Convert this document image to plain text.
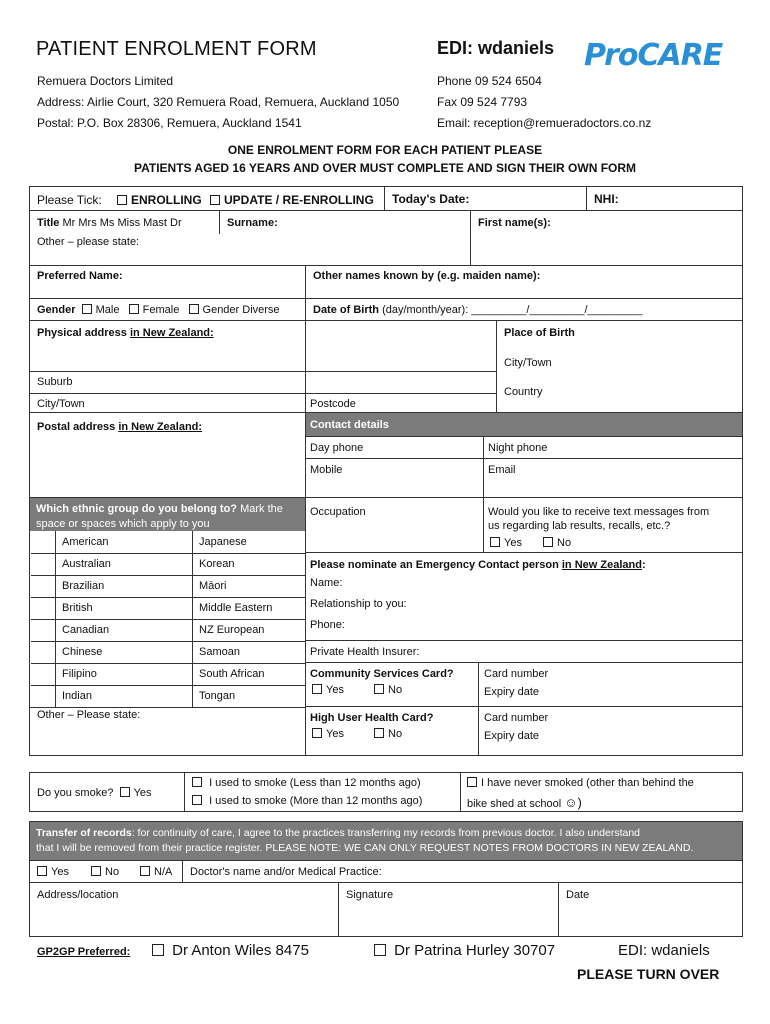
PATIENT ENROLMENT FORM	EDI: wdaniels ProCARE
Remuera Doctors Limited
Address: Airlie Court, 320 Remuera Road, Remuera, Auckland 1050
Postal: P.O. Box 28306, Remuera, Auckland 1541
Phone 09 524 6504
Fax 09 524 7793
Email: reception@remueradoctors.co.nz
ONE ENROLMENT FORM FOR EACH PATIENT PLEASE
PATIENTS AGED 16 YEARS AND OVER MUST COMPLETE AND SIGN THEIR OWN FORM
Please Tick:	ENROLLING	UPDATE / RE-ENROLLING Today's Date:	NHI:
Title Mr Mrs Ms Miss Mast Dr
Other – please state:
Surname:	First name(s):
Preferred Name:	Other names known by (e.g. maiden name):
Gender Male Female Gender Diverse	Date of Birth (day/month/year): _________/_________/_________
Physical address in New Zealand:	Place of Birth
City/Town
Country
Suburb
City/Town	Postcode
Postal address in New Zealand:	Contact details
Day phone	Night phone
Mobile	Email
Which ethnic group do you belong to? Mark the
space or spaces which apply to you
Occupation	Would you like to receive text messages from
us regarding lab results, recalls, etc.?
Yes	No
American	Japanese
Australian	Korean
Brazilian	Māori
British	Middle Eastern
Canadian	NZ European
Chinese	Samoan
Filipino	South African
Indian	Tongan
Other – Please state:
Please nominate an Emergency Contact person in New Zealand:
Name:
Relationship to you:
Phone:
Private Health Insurer:
Community Services Card?
Yes	No
Card number
Expiry date
High User Health Card?
Yes	No
Card number
Expiry date
Do you smoke? Yes
I used to smoke (Less than 12 months ago)
I used to smoke (More than 12 months ago)
I have never smoked (other than behind the
bike shed at school ☺)
Transfer of records: for continuity of care, I agree to the practices transferring my records from previous doctor. I also understand
that I will be removed from their practice register. PLEASE NOTE: WE CAN ONLY REQUEST NOTES FROM DOCTORS IN NEW ZEALAND.
Yes	No	N/A Doctor's name and/or Medical Practice:
Address/location	Signature	Date
GP2GP Preferred:	Dr Anton Wiles 8475	Dr Patrina Hurley 30707	EDI: wdaniels
PLEASE TURN OVER
